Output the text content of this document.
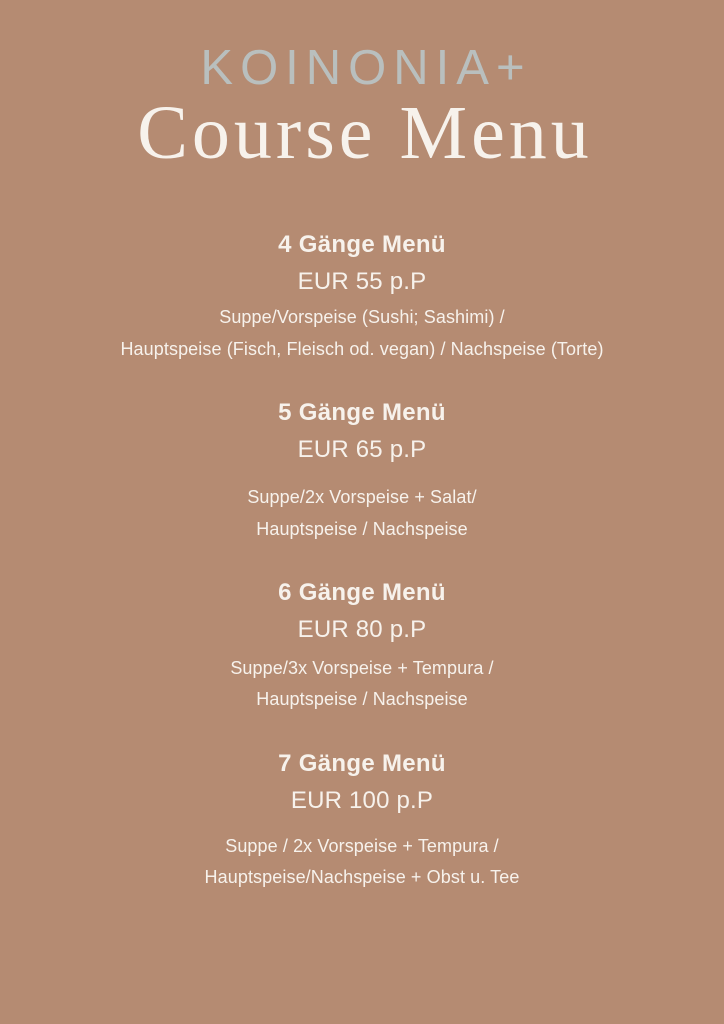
KOINONIA+
Course Menu
4 Gänge Menü
EUR 55 p.P
Suppe/Vorspeise (Sushi; Sashimi) /
Hauptspeise (Fisch, Fleisch od. vegan) / Nachspeise (Torte)
5 Gänge Menü
EUR 65 p.P
Suppe/2x Vorspeise + Salat/
Hauptspeise / Nachspeise
6 Gänge Menü
EUR 80 p.P
Suppe/3x Vorspeise + Tempura /
Hauptspeise / Nachspeise
7 Gänge Menü
EUR 100 p.P
Suppe / 2x Vorspeise + Tempura /
Hauptspeise/Nachspeise + Obst u. Tee
